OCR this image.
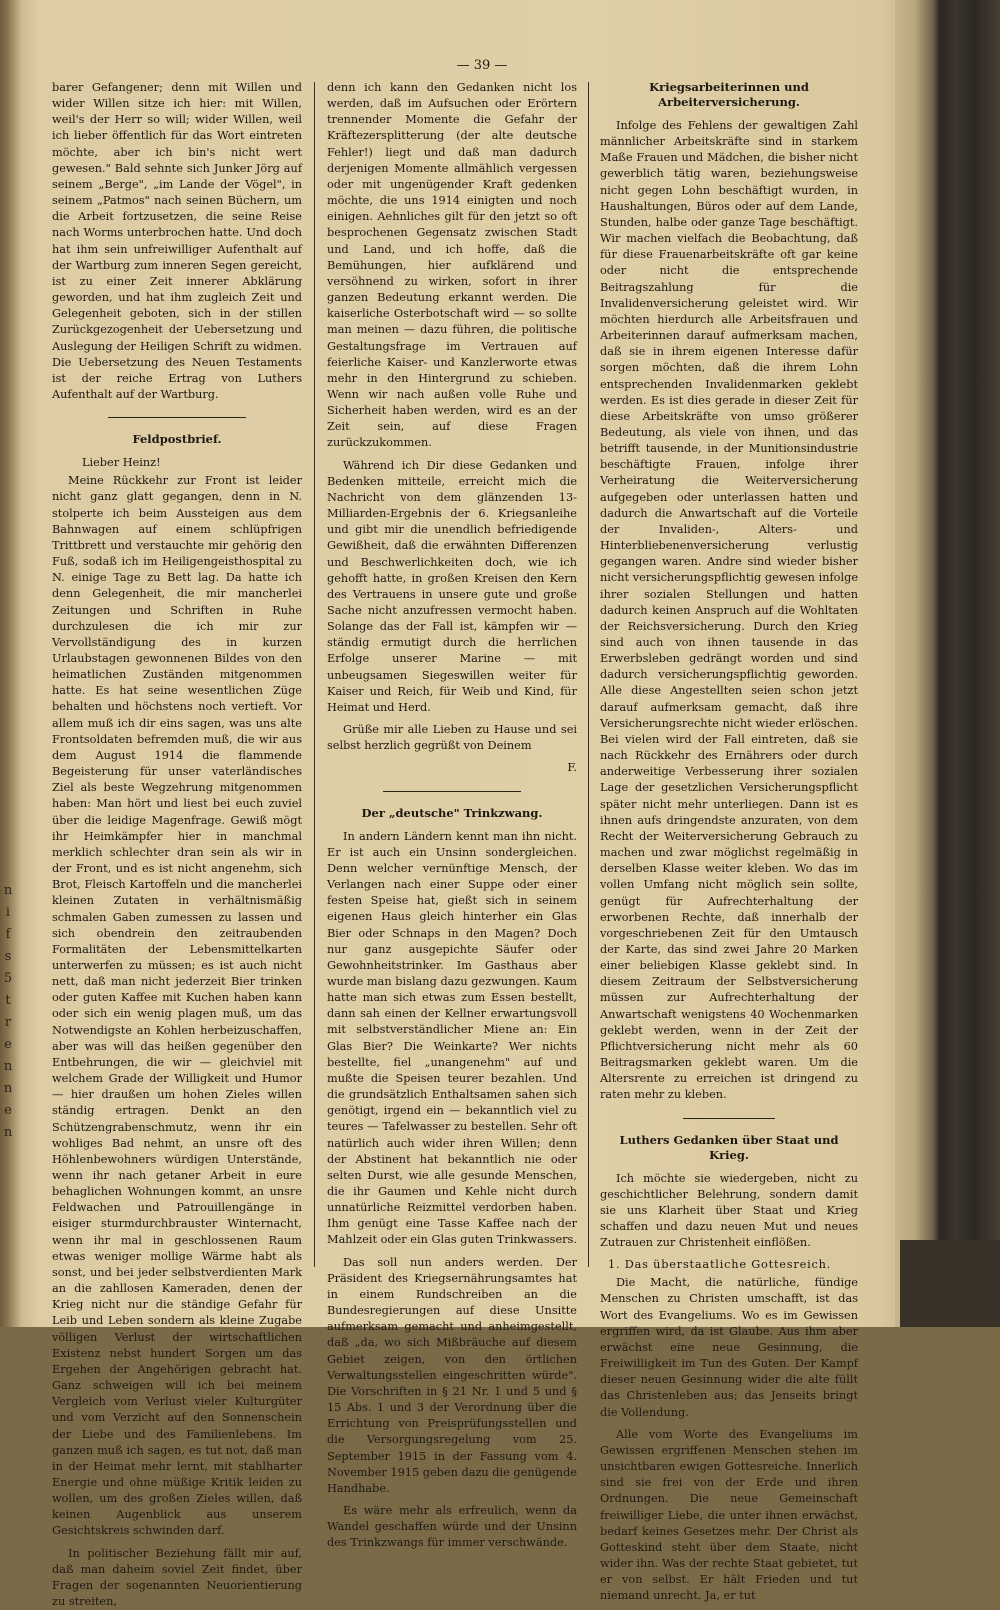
n
i
f
s
5
t
r
e
n
n
e
n
— 39 —

barer Gefangener; denn mit Willen und wider Willen sitze ich hier: mit Willen, weil's der Herr so will; wider Willen, weil ich lieber öffentlich für das Wort eintreten möchte, aber ich bin's nicht wert gewesen." Bald sehnte sich Junker Jörg auf seinem „Berge", „im Lande der Vögel", in seinem „Patmos" nach seinen Büchern, um die Arbeit fortzusetzen, die seine Reise nach Worms unterbrochen hatte. Und doch hat ihm sein unfreiwilliger Aufenthalt auf der Wartburg zum inneren Segen gereicht, ist zu einer Zeit innerer Abklärung geworden, und hat ihm zugleich Zeit und Gelegenheit geboten, sich in der stillen Zurückgezogenheit der Uebersetzung und Auslegung der Heiligen Schrift zu widmen. Die Uebersetzung des Neuen Testaments ist der reiche Ertrag von Luthers Aufenthalt auf der Wartburg.

Feldpostbrief.

Lieber Heinz!

Meine Rückkehr zur Front ist leider nicht ganz glatt gegangen, denn in N. stolperte ich beim Aussteigen aus dem Bahnwagen auf einem schlüpfrigen Trittbrett und verstauchte mir gehörig den Fuß, sodaß ich im Heiligengeisthospital zu N. einige Tage zu Bett lag. Da hatte ich denn Gelegenheit, die mir mancherlei Zeitungen und Schriften in Ruhe durchzulesen die ich mir zur Vervollständigung des in kurzen Urlaubstagen gewonnenen Bildes von den heimatlichen Zuständen mitgenommen hatte. Es hat seine wesentlichen Züge behalten und höchstens noch vertieft. Vor allem muß ich dir eins sagen, was uns alte Frontsoldaten befremden muß, die wir aus dem August 1914 die flammende Begeisterung für unser vaterländisches Ziel als beste Wegzehrung mitgenommen haben: Man hört und liest bei euch zuviel über die leidige Magenfrage. Gewiß mögt ihr Heimkämpfer hier in manchmal merklich schlechter dran sein als wir in der Front, und es ist nicht angenehm, sich Brot, Fleisch Kartoffeln und die mancherlei kleinen Zutaten in verhältnismäßig schmalen Gaben zumessen zu lassen und sich obendrein den zeitraubenden Formalitäten der Lebensmittelkarten unterwerfen zu müssen; es ist auch nicht nett, daß man nicht jederzeit Bier trinken oder guten Kaffee mit Kuchen haben kann oder sich ein wenig plagen muß, um das Notwendigste an Kohlen herbeizuschaffen, aber was will das heißen gegenüber den Entbehrungen, die wir — gleichviel mit welchem Grade der Willigkeit und Humor — hier draußen um hohen Zieles willen ständig ertragen. Denkt an den Schützengrabenschmutz, wenn ihr ein wohliges Bad nehmt, an unsre oft des Höhlenbewohners würdigen Unterstände, wenn ihr nach getaner Arbeit in eure behaglichen Wohnungen kommt, an unsre Feldwachen und Patrouillengänge in eisiger sturmdurchbrauster Winternacht, wenn ihr mal in geschlossenen Raum etwas weniger mollige Wärme habt als sonst, und bei jeder selbstverdienten Mark an die zahllosen Kameraden, denen der Krieg nicht nur die ständige Gefahr für Leib und Leben sondern als kleine Zugabe völligen Verlust der wirtschaftlichen Existenz nebst hundert Sorgen um das Ergehen der Angehörigen gebracht hat. Ganz schweigen will ich bei meinem Vergleich vom Verlust vieler Kulturgüter und vom Verzicht auf den Sonnenschein der Liebe und des Familienlebens. Im ganzen muß ich sagen, es tut not, daß man in der Heimat mehr lernt, mit stahlharter Energie und ohne müßige Kritik leiden zu wollen, um des großen Zieles willen, daß keinen Augenblick aus unserem Gesichtskreis schwinden darf.

In politischer Beziehung fällt mir auf, daß man daheim soviel Zeit findet, über Fragen der sogenannten Neuorientierung zu streiten,

denn ich kann den Gedanken nicht los werden, daß im Aufsuchen oder Erörtern trennender Momente die Gefahr der Kräftezersplitterung (der alte deutsche Fehler!) liegt und daß man dadurch derjenigen Momente allmählich vergessen oder mit ungenügender Kraft gedenken möchte, die uns 1914 einigten und noch einigen. Aehnliches gilt für den jetzt so oft besprochenen Gegensatz zwischen Stadt und Land, und ich hoffe, daß die Bemühungen, hier aufklärend und versöhnend zu wirken, sofort in ihrer ganzen Bedeutung erkannt werden. Die kaiserliche Osterbotschaft wird — so sollte man meinen — dazu führen, die politische Gestaltungsfrage im Vertrauen auf feierliche Kaiser- und Kanzlerworte etwas mehr in den Hintergrund zu schieben. Wenn wir nach außen volle Ruhe und Sicherheit haben werden, wird es an der Zeit sein, auf diese Fragen zurückzukommen.

Während ich Dir diese Gedanken und Bedenken mitteile, erreicht mich die Nachricht von dem glänzenden 13-Milliarden-Ergebnis der 6. Kriegsanleihe und gibt mir die unendlich befriedigende Gewißheit, daß die erwähnten Differenzen und Beschwerlichkeiten doch, wie ich gehofft hatte, in großen Kreisen den Kern des Vertrauens in unsere gute und große Sache nicht anzufressen vermocht haben. Solange das der Fall ist, kämpfen wir — ständig ermutigt durch die herrlichen Erfolge unserer Marine — mit unbeugsamen Siegeswillen weiter für Kaiser und Reich, für Weib und Kind, für Heimat und Herd.

Grüße mir alle Lieben zu Hause und sei selbst herzlich gegrüßt von Deinem

F.

Der „deutsche" Trinkzwang.

In andern Ländern kennt man ihn nicht. Er ist auch ein Unsinn sondergleichen. Denn welcher vernünftige Mensch, der Verlangen nach einer Suppe oder einer festen Speise hat, gießt sich in seinem eigenen Haus gleich hinterher ein Glas Bier oder Schnaps in den Magen? Doch nur ganz ausgepichte Säufer oder Gewohnheitstrinker. Im Gasthaus aber wurde man bislang dazu gezwungen. Kaum hatte man sich etwas zum Essen bestellt, dann sah einen der Kellner erwartungsvoll mit selbstverständlicher Miene an: Ein Glas Bier? Die Weinkarte? Wer nichts bestellte, fiel „unangenehm" auf und mußte die Speisen teurer bezahlen. Und die grundsätzlich Enthaltsamen sahen sich genötigt, irgend ein — bekanntlich viel zu teures — Tafelwasser zu bestellen. Sehr oft natürlich auch wider ihren Willen; denn der Abstinent hat bekanntlich nie oder selten Durst, wie alle gesunde Menschen, die ihr Gaumen und Kehle nicht durch unnatürliche Reizmittel verdorben haben. Ihm genügt eine Tasse Kaffee nach der Mahlzeit oder ein Glas guten Trinkwassers.

Das soll nun anders werden. Der Präsident des Kriegsernährungsamtes hat in einem Rundschreiben an die Bundesregierungen auf diese Unsitte aufmerksam gemacht und anheimgestellt, daß „da, wo sich Mißbräuche auf diesem Gebiet zeigen, von den örtlichen Verwaltungsstellen eingeschritten würde". Die Vorschriften in § 21 Nr. 1 und 5 und § 15 Abs. 1 und 3 der Verordnung über die Errichtung von Preisprüfungsstellen und die Versorgungsregelung vom 25. September 1915 in der Fassung vom 4. November 1915 geben dazu die genügende Handhabe.

Es wäre mehr als erfreulich, wenn da Wandel geschaffen würde und der Unsinn des Trinkzwangs für immer verschwände.

Kriegsarbeiterinnen und Arbeiterversicherung.

Infolge des Fehlens der gewaltigen Zahl männlicher Arbeitskräfte sind in starkem Maße Frauen und Mädchen, die bisher nicht gewerblich tätig waren, beziehungsweise nicht gegen Lohn beschäftigt wurden, in Haushaltungen, Büros oder auf dem Lande, Stunden, halbe oder ganze Tage beschäftigt. Wir machen vielfach die Beobachtung, daß für diese Frauenarbeitskräfte oft gar keine oder nicht die entsprechende Beitragszahlung für die Invalidenversicherung geleistet wird. Wir möchten hierdurch alle Arbeitsfrauen und Arbeiterinnen darauf aufmerksam machen, daß sie in ihrem eigenen Interesse dafür sorgen möchten, daß die ihrem Lohn entsprechenden Invalidenmarken geklebt werden. Es ist dies gerade in dieser Zeit für diese Arbeitskräfte von umso größerer Bedeutung, als viele von ihnen, und das betrifft tausende, in der Munitionsindustrie beschäftigte Frauen, infolge ihrer Verheiratung die Weiterversicherung aufgegeben oder unterlassen hatten und dadurch die Anwartschaft auf die Vorteile der Invaliden-, Alters- und Hinterbliebenenversicherung verlustig gegangen waren. Andre sind wieder bisher nicht versicherungspflichtig gewesen infolge ihrer sozialen Stellungen und hatten dadurch keinen Anspruch auf die Wohltaten der Reichsversicherung. Durch den Krieg sind auch von ihnen tausende in das Erwerbsleben gedrängt worden und sind dadurch versicherungspflichtig geworden. Alle diese Angestellten seien schon jetzt darauf aufmerksam gemacht, daß ihre Versicherungsrechte nicht wieder erlöschen. Bei vielen wird der Fall eintreten, daß sie nach Rückkehr des Ernährers oder durch anderweitige Verbesserung ihrer sozialen Lage der gesetzlichen Versicherungspflicht später nicht mehr unterliegen. Dann ist es ihnen aufs dringendste anzuraten, von dem Recht der Weiterversicherung Gebrauch zu machen und zwar möglichst regelmäßig in derselben Klasse weiter kleben. Wo das im vollen Umfang nicht möglich sein sollte, genügt für Aufrechterhaltung der erworbenen Rechte, daß innerhalb der vorgeschriebenen Zeit für den Umtausch der Karte, das sind zwei Jahre 20 Marken einer beliebigen Klasse geklebt sind. In diesem Zeitraum der Selbstversicherung müssen zur Aufrechterhaltung der Anwartschaft wenigstens 40 Wochenmarken geklebt werden, wenn in der Zeit der Pflichtversicherung nicht mehr als 60 Beitragsmarken geklebt waren. Um die Altersrente zu erreichen ist dringend zu raten mehr zu kleben.

Luthers Gedanken über Staat und Krieg.

Ich möchte sie wiedergeben, nicht zu geschichtlicher Belehrung, sondern damit sie uns Klarheit über Staat und Krieg schaffen und dazu neuen Mut und neues Zutrauen zur Christenheit einflößen.

1. Das überstaatliche Gottesreich.

Die Macht, die natürliche, fündige Menschen zu Christen umschafft, ist das Wort des Evangeliums. Wo es im Gewissen ergriffen wird, da ist Glaube. Aus ihm aber erwächst eine neue Gesinnung, die Freiwilligkeit im Tun des Guten. Der Kampf dieser neuen Gesinnung wider die alte füllt das Christenleben aus; das Jenseits bringt die Vollendung.

Alle vom Worte des Evangeliums im Gewissen ergriffenen Menschen stehen im unsichtbaren ewigen Gottesreiche. Innerlich sind sie frei von der Erde und ihren Ordnungen. Die neue Gemeinschaft freiwilliger Liebe, die unter ihnen erwächst, bedarf keines Gesetzes mehr. Der Christ als Gotteskind steht über dem Staate, nicht wider ihn. Was der rechte Staat gebietet, tut er von selbst. Er hält Frieden und tut niemand unrecht. Ja, er tut
